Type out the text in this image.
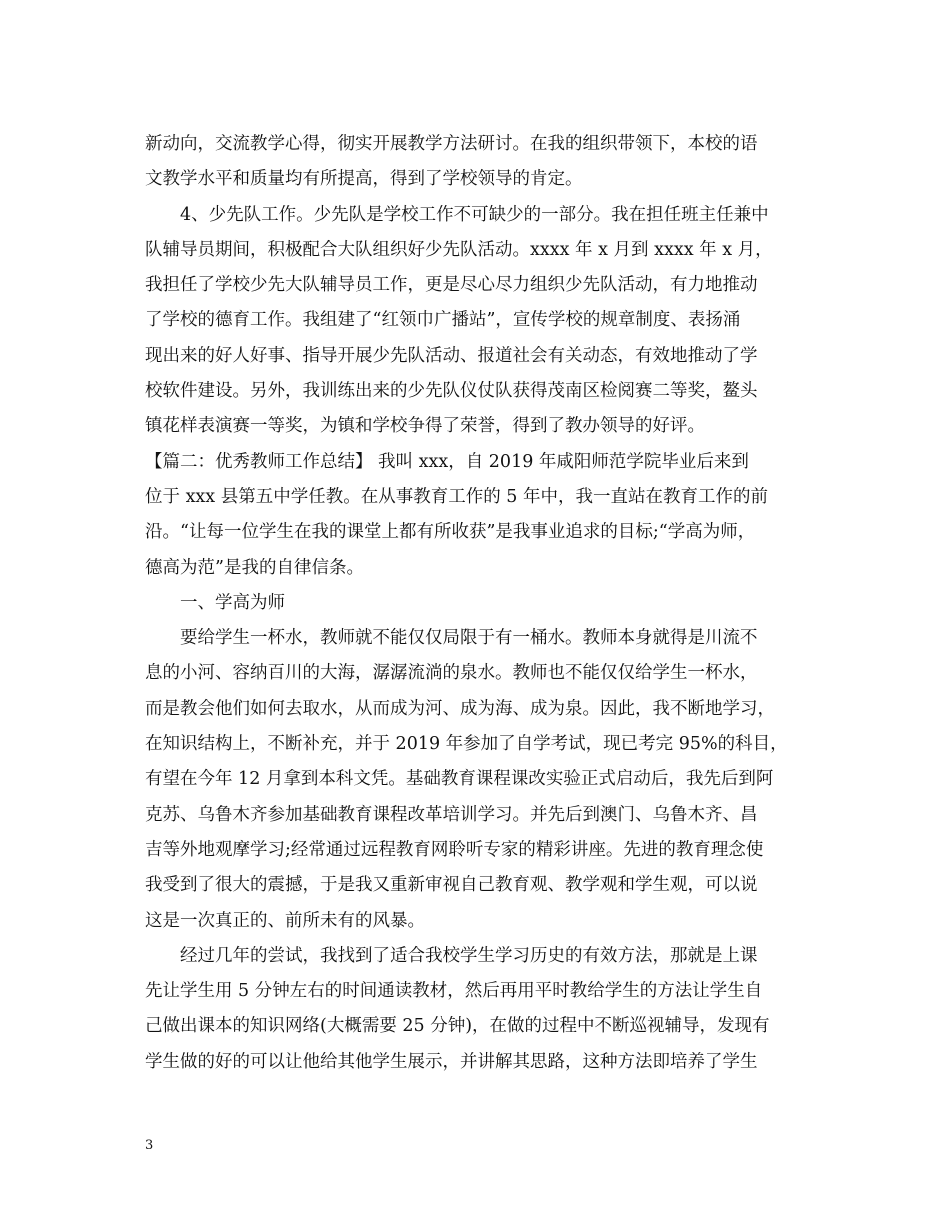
新动向，交流教学心得，彻实开展教学方法研讨。在我的组织带领下，本校的语
文教学水平和质量均有所提高，得到了学校领导的肯定。
4、少先队工作。少先队是学校工作不可缺少的一部分。我在担任班主任兼中
队辅导员期间，积极配合大队组织好少先队活动。xxxx 年 x 月到 xxxx 年 x 月，
我担任了学校少先大队辅导员工作，更是尽心尽力组织少先队活动，有力地推动
了学校的德育工作。我组建了“红领巾广播站”，宣传学校的规章制度、表扬涌
现出来的好人好事、指导开展少先队活动、报道社会有关动态，有效地推动了学
校软件建设。另外，我训练出来的少先队仪仗队获得茂南区检阅赛二等奖，鳌头
镇花样表演赛一等奖，为镇和学校争得了荣誉，得到了教办领导的好评。
【篇二：优秀教师工作总结】 我叫 xxx，自 2019 年咸阳师范学院毕业后来到
位于 xxx 县第五中学任教。在从事教育工作的 5 年中，我一直站在教育工作的前
沿。“让每一位学生在我的课堂上都有所收获”是我事业追求的目标;“学高为师，
德高为范”是我的自律信条。
一、学高为师
要给学生一杯水，教师就不能仅仅局限于有一桶水。教师本身就得是川流不
息的小河、容纳百川的大海，潺潺流淌的泉水。教师也不能仅仅给学生一杯水，
而是教会他们如何去取水，从而成为河、成为海、成为泉。因此，我不断地学习，
在知识结构上，不断补充，并于 2019 年参加了自学考试，现已考完 95%的科目，
有望在今年 12 月拿到本科文凭。基础教育课程课改实验正式启动后，我先后到阿
克苏、乌鲁木齐参加基础教育课程改革培训学习。并先后到澳门、乌鲁木齐、昌
吉等外地观摩学习;经常通过远程教育网聆听专家的精彩讲座。先进的教育理念使
我受到了很大的震撼，于是我又重新审视自己教育观、教学观和学生观，可以说
这是一次真正的、前所未有的风暴。
经过几年的尝试，我找到了适合我校学生学习历史的有效方法，那就是上课
先让学生用 5 分钟左右的时间通读教材，然后再用平时教给学生的方法让学生自
己做出课本的知识网络(大概需要 25 分钟)，在做的过程中不断巡视辅导，发现有
学生做的好的可以让他给其他学生展示，并讲解其思路，这种方法即培养了学生
3
